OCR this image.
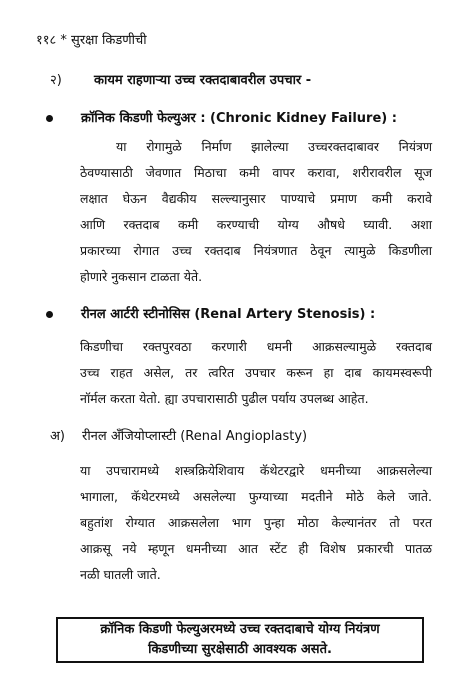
११८ * सुरक्षा किडणीची
२) कायम राहणाऱ्या उच्च रक्तदाबावरील उपचार -
क्रॉनिक किडणी फेल्युअर : (Chronic Kidney Failure) :
या रोगामुळे निर्माण झालेल्या उच्चरक्तदाबावर नियंत्रण
ठेवण्यासाठी जेवणात मिठाचा कमी वापर करावा, शरीरावरील सूज
लक्षात घेऊन वैद्यकीय सल्ल्यानुसार पाण्याचे प्रमाण कमी करावे
आणि रक्तदाब कमी करण्याची योग्य औषधे घ्यावी. अशा
प्रकारच्या रोगात उच्च रक्तदाब नियंत्रणात ठेवून त्यामुळे किडणीला
होणारे नुकसान टाळता येते.
रीनल आर्टरी स्टीनोसिस (Renal Artery Stenosis) :
किडणीचा रक्तपुरवठा करणारी धमनी आक्रसल्यामुळे रक्तदाब
उच्च राहत असेल, तर त्वरित उपचार करून हा दाब कायमस्वरूपी
नॉर्मल करता येतो. ह्या उपचारासाठी पुढील पर्याय उपलब्ध आहेत.
अ) रीनल अँजियोप्लास्टी (Renal Angioplasty)
या उपचारामध्ये शस्त्रक्रियेशिवाय कॅथेटरद्वारे धमनीच्या आक्रसलेल्या
भागाला, कॅथेटरमध्ये असलेल्या फुग्याच्या मदतीने मोठे केले जाते.
बहुतांश रोग्यात आक्रसलेला भाग पुन्हा मोठा केल्यानंतर तो परत
आक्रसू नये म्हणून धमनीच्या आत स्टेंट ही विशेष प्रकारची पातळ
नळी घातली जाते.
क्रॉनिक किडणी फेल्युअरमध्ये उच्च रक्तदाबाचे योग्य नियंत्रण
किडणीच्या सुरक्षेसाठी आवश्यक असते.
